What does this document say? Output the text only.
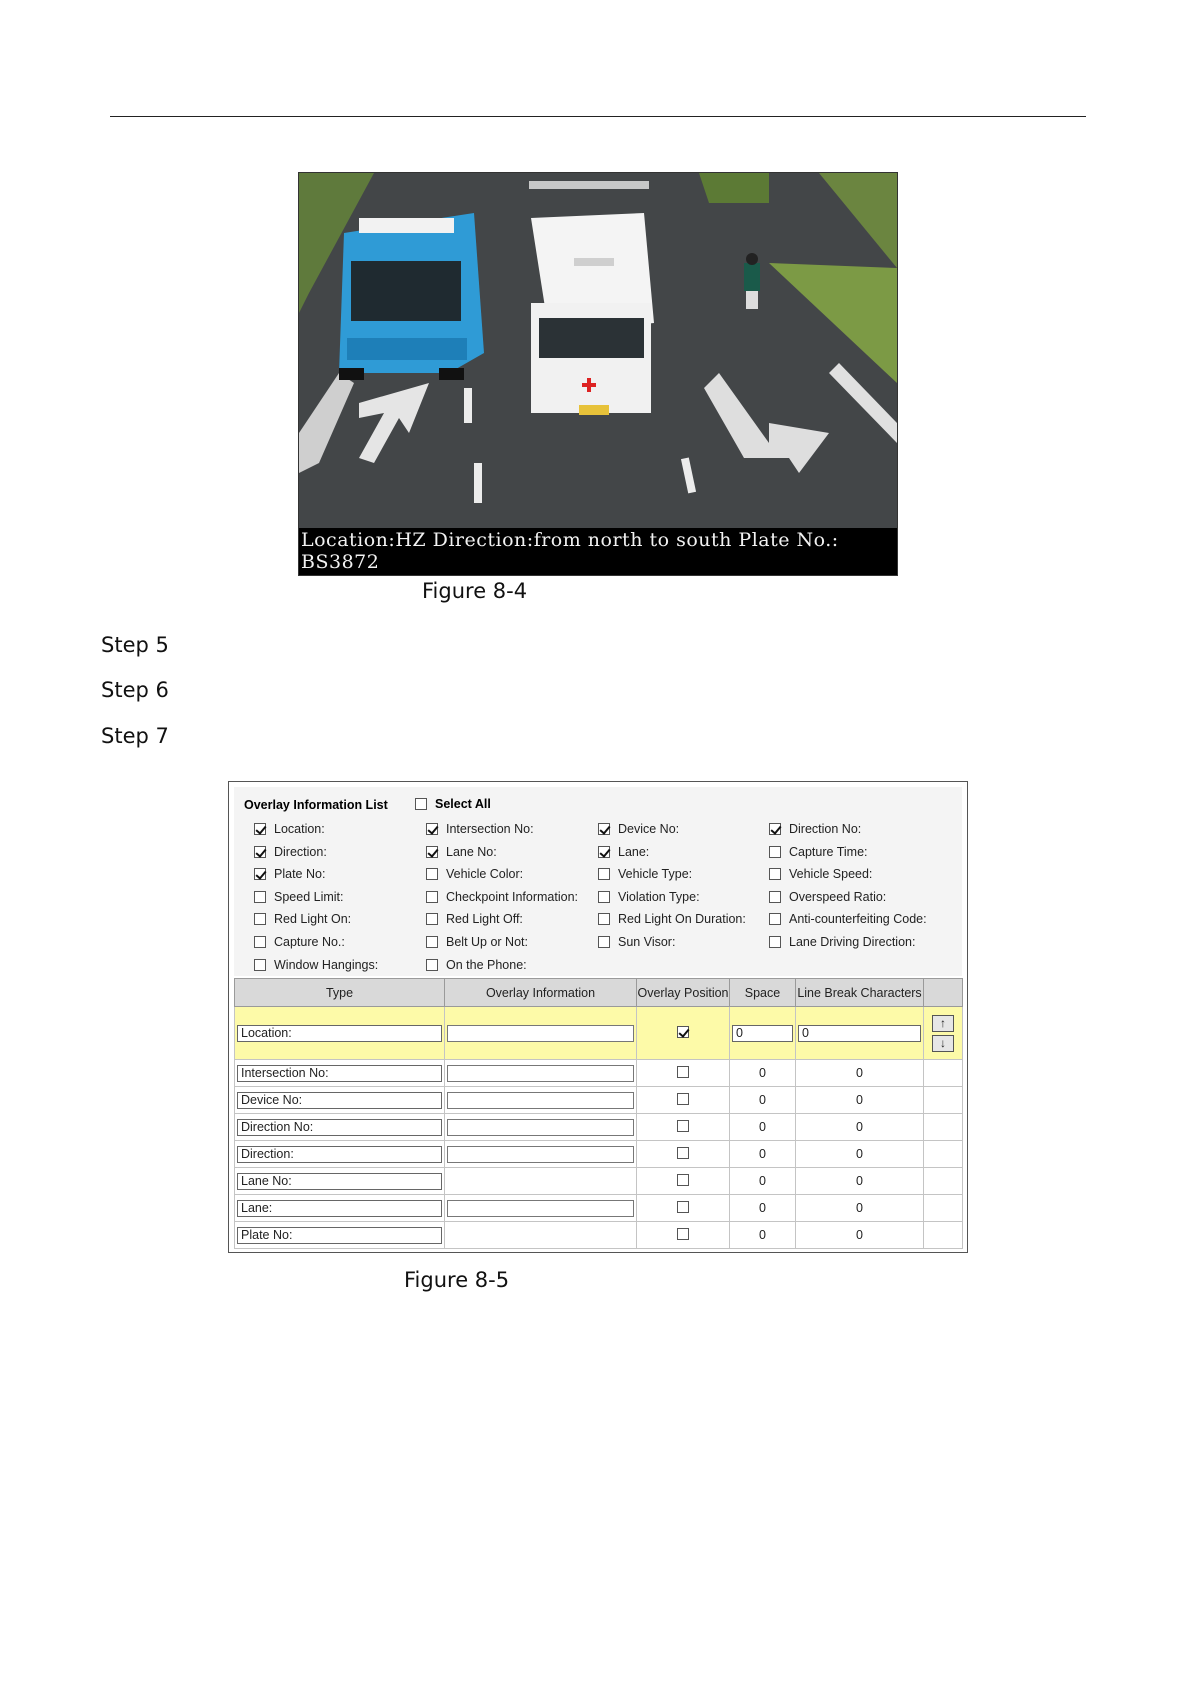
Location:HZ Direction:from north to south Plate No.:
BS3872
Figure 8-4
Step 5
Step 6
Step 7
Overlay Information List	Select All
Location:	Intersection No:	Device No:	Direction No:
Direction:	Lane No:	Lane:	Capture Time:
Plate No:	Vehicle Color:	Vehicle Type:	Vehicle Speed:
Speed Limit:	Checkpoint Information:	Violation Type:	Overspeed Ratio:
Red Light On:	Red Light Off:	Red Light On Duration:	Anti-counterfeiting Code:
Capture No.:	Belt Up or Not:	Sun Visor:	Lane Driving Direction:
Window Hangings:	On the Phone:
Type	Overlay Information	Overlay Position	Space	Line Break Characters	

Location:			0	0	↑
↓

Intersection No:			0	0	

Device No:			0	0	

Direction No:			0	0	

Direction:			0	0	

Lane No:			0	0	

Lane:			0	0	

Plate No:			0	0	
Figure 8-5
